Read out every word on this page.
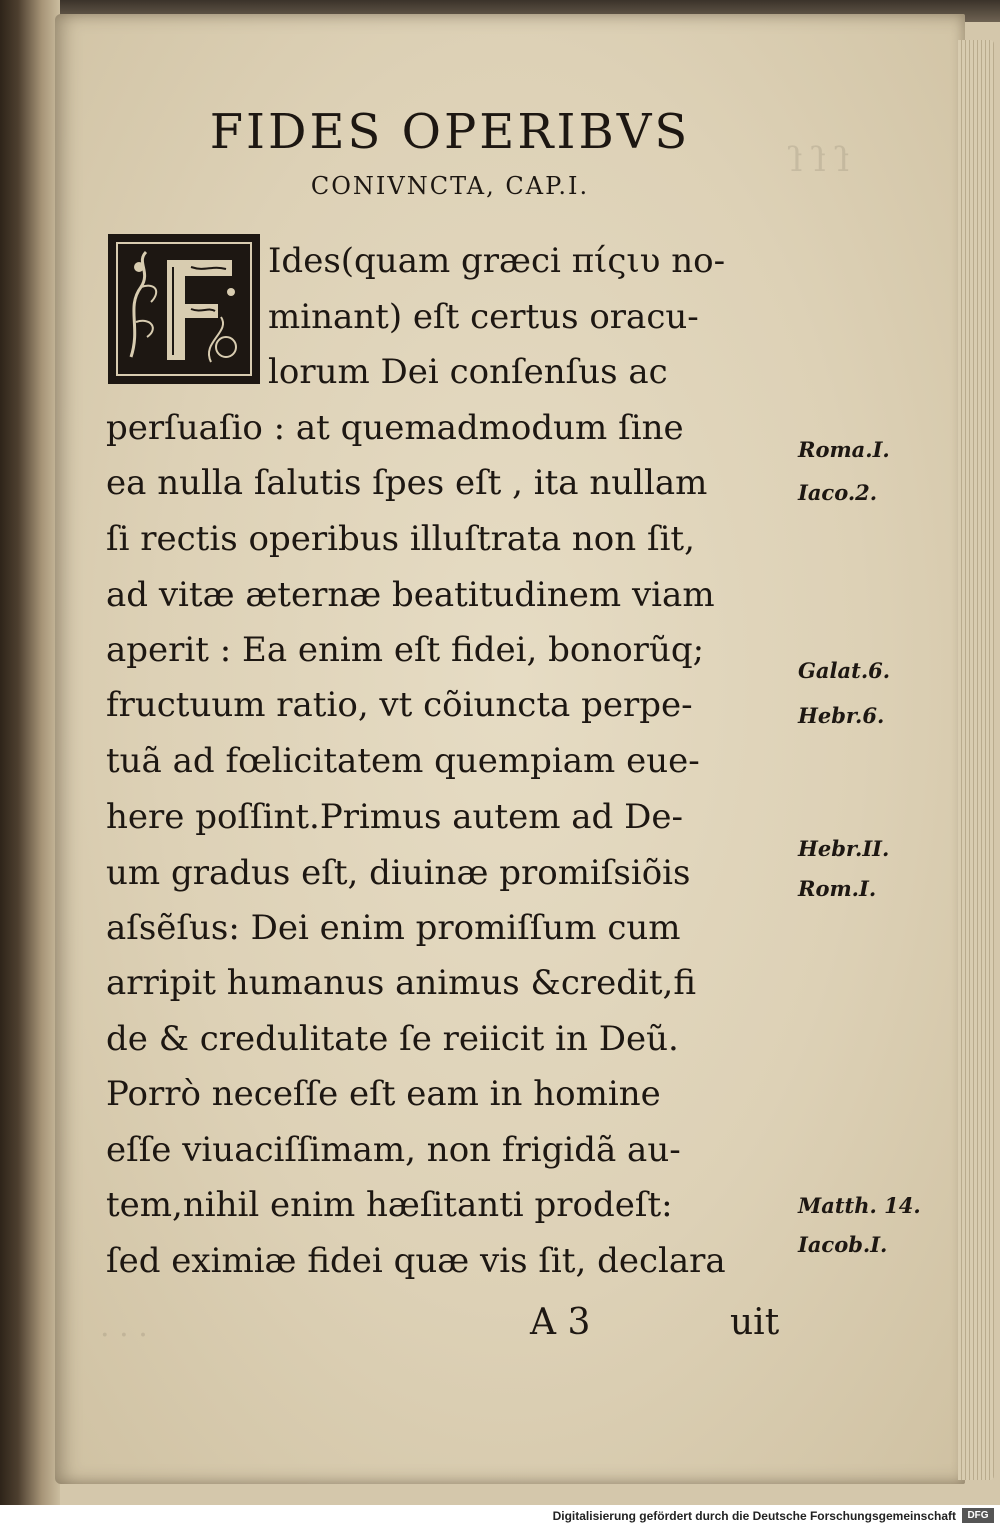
ſ ſ ſ
· · ·
FIDES OPERIBVS
CONIVNCTA, CAP.I.
Ides(quam græci πίςιυ no-
minant) eſt certus oracu-
lorum Dei conſenſus ac
perſuaſio : at quemadmodum ſine
ea nulla ſalutis ſpes eſt , ita nullam
ſi rectis operibus illuſtrata non ſit,
ad vitæ æternæ beatitudinem viam
aperit : Ea enim eſt fidei, bonorũq;
fructuum ratio, vt cõiuncta perpe-
tuã ad fœlicitatem quempiam eue-
here poſſint.Primus autem ad De-
um gradus eſt, diuinæ promiſsiõis
aſsẽſus: Dei enim promiſſum cum
arripit humanus animus &credit,fi
de & credulitate ſe reiicit in Deũ.
Porrò neceſſe eſt eam in homine
eſſe viuaciſſimam, non frigidã au-
tem,nihil enim hæſitanti prodeſt:
ſed eximiæ fidei quæ vis ſit, declara
Roma.I.
Iaco.2.
Galat.6.
Hebr.6.
Hebr.II.
Rom.I.
Matth. 14.
Iacob.I.
A 3	uit
Digitalisierung gefördert durch die Deutsche Forschungsgemeinschaft	DFG
